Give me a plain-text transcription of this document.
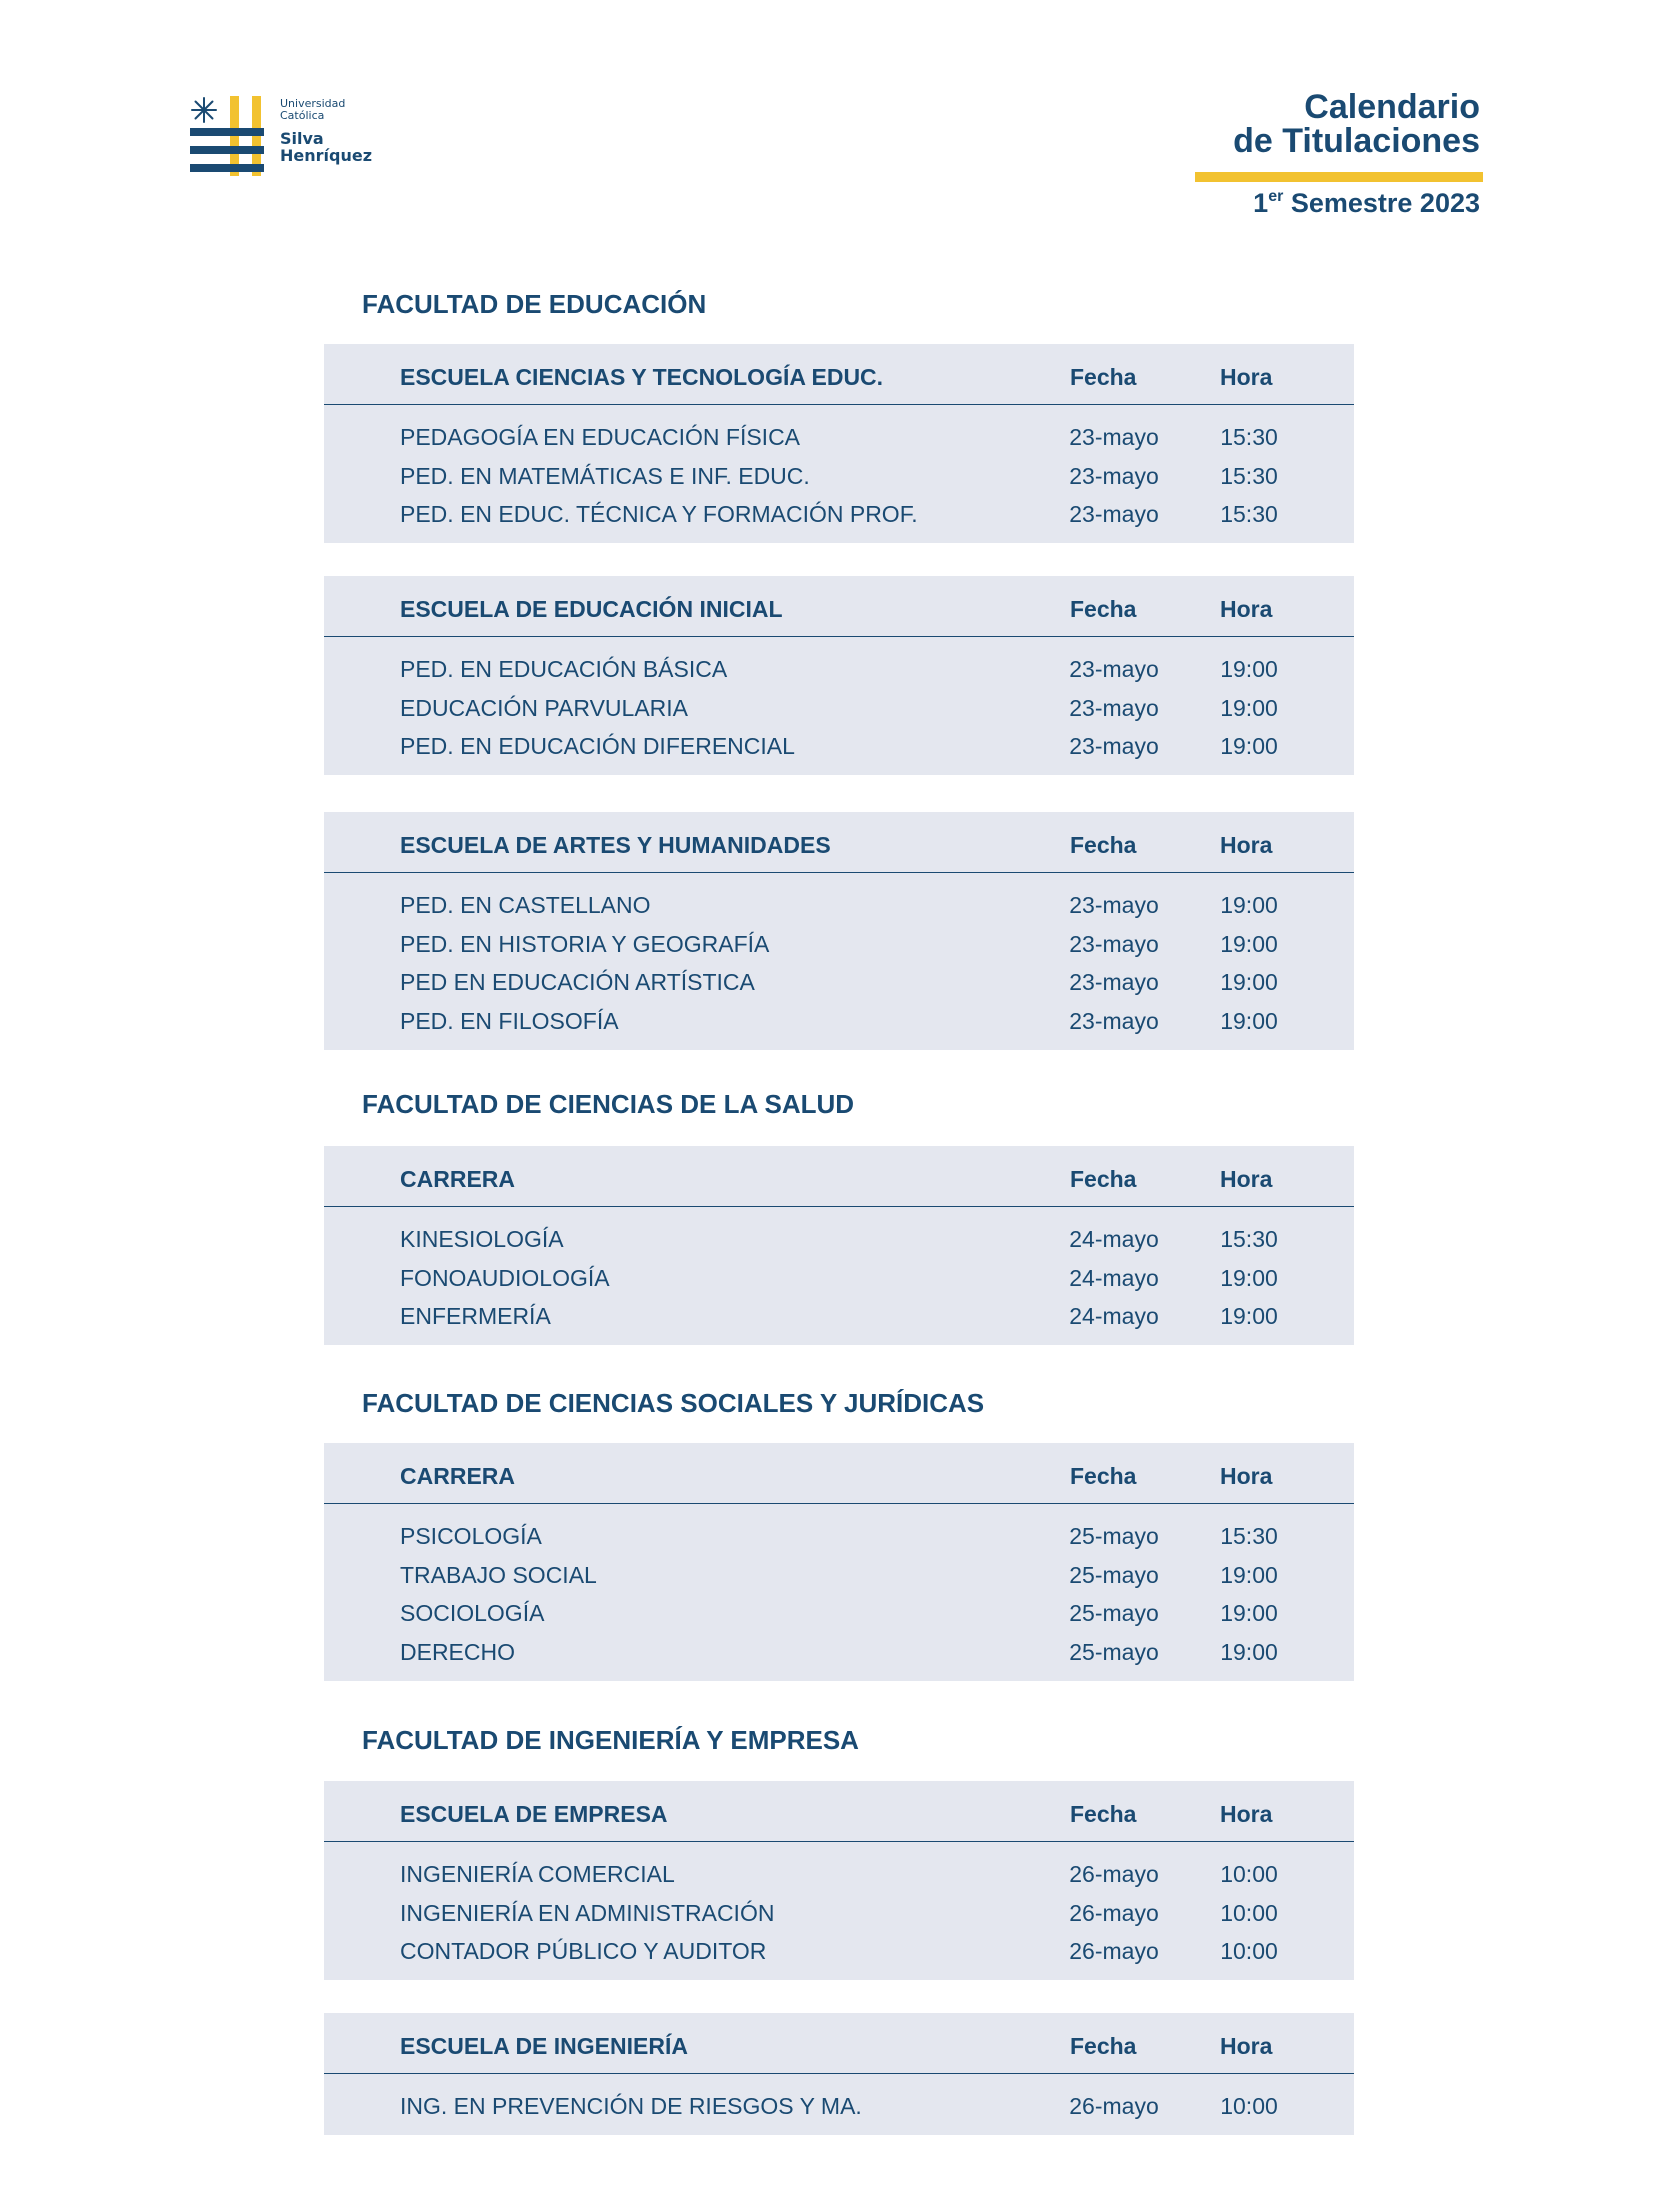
Universidad
Católica
Silva
Henríquez
Calendario
de Titulaciones
1er Semestre 2023
FACULTAD DE EDUCACIÓN
FACULTAD DE CIENCIAS DE LA SALUD
FACULTAD DE CIENCIAS SOCIALES Y JURÍDICAS
FACULTAD DE INGENIERÍA Y EMPRESA
ESCUELA CIENCIAS Y TECNOLOGÍA EDUC.	Fecha	Hora
PEDAGOGÍA EN EDUCACIÓN FÍSICA	23-mayo	15:30
PED. EN MATEMÁTICAS E INF. EDUC.	23-mayo	15:30
PED. EN EDUC. TÉCNICA Y FORMACIÓN PROF.	23-mayo	15:30
ESCUELA DE EDUCACIÓN INICIAL	Fecha	Hora
PED. EN EDUCACIÓN BÁSICA	23-mayo	19:00
EDUCACIÓN PARVULARIA	23-mayo	19:00
PED. EN EDUCACIÓN DIFERENCIAL	23-mayo	19:00
ESCUELA DE ARTES Y HUMANIDADES	Fecha	Hora
PED. EN CASTELLANO	23-mayo	19:00
PED. EN HISTORIA Y GEOGRAFÍA	23-mayo	19:00
PED EN EDUCACIÓN ARTÍSTICA	23-mayo	19:00
PED. EN FILOSOFÍA	23-mayo	19:00
CARRERA	Fecha	Hora
KINESIOLOGÍA	24-mayo	15:30
FONOAUDIOLOGÍA	24-mayo	19:00
ENFERMERÍA	24-mayo	19:00
CARRERA	Fecha	Hora
PSICOLOGÍA	25-mayo	15:30
TRABAJO SOCIAL	25-mayo	19:00
SOCIOLOGÍA	25-mayo	19:00
DERECHO	25-mayo	19:00
ESCUELA DE EMPRESA	Fecha	Hora
INGENIERÍA COMERCIAL	26-mayo	10:00
INGENIERÍA EN ADMINISTRACIÓN	26-mayo	10:00
CONTADOR PÚBLICO Y AUDITOR	26-mayo	10:00
ESCUELA DE INGENIERÍA	Fecha	Hora
ING. EN PREVENCIÓN DE RIESGOS Y MA.	26-mayo	10:00
